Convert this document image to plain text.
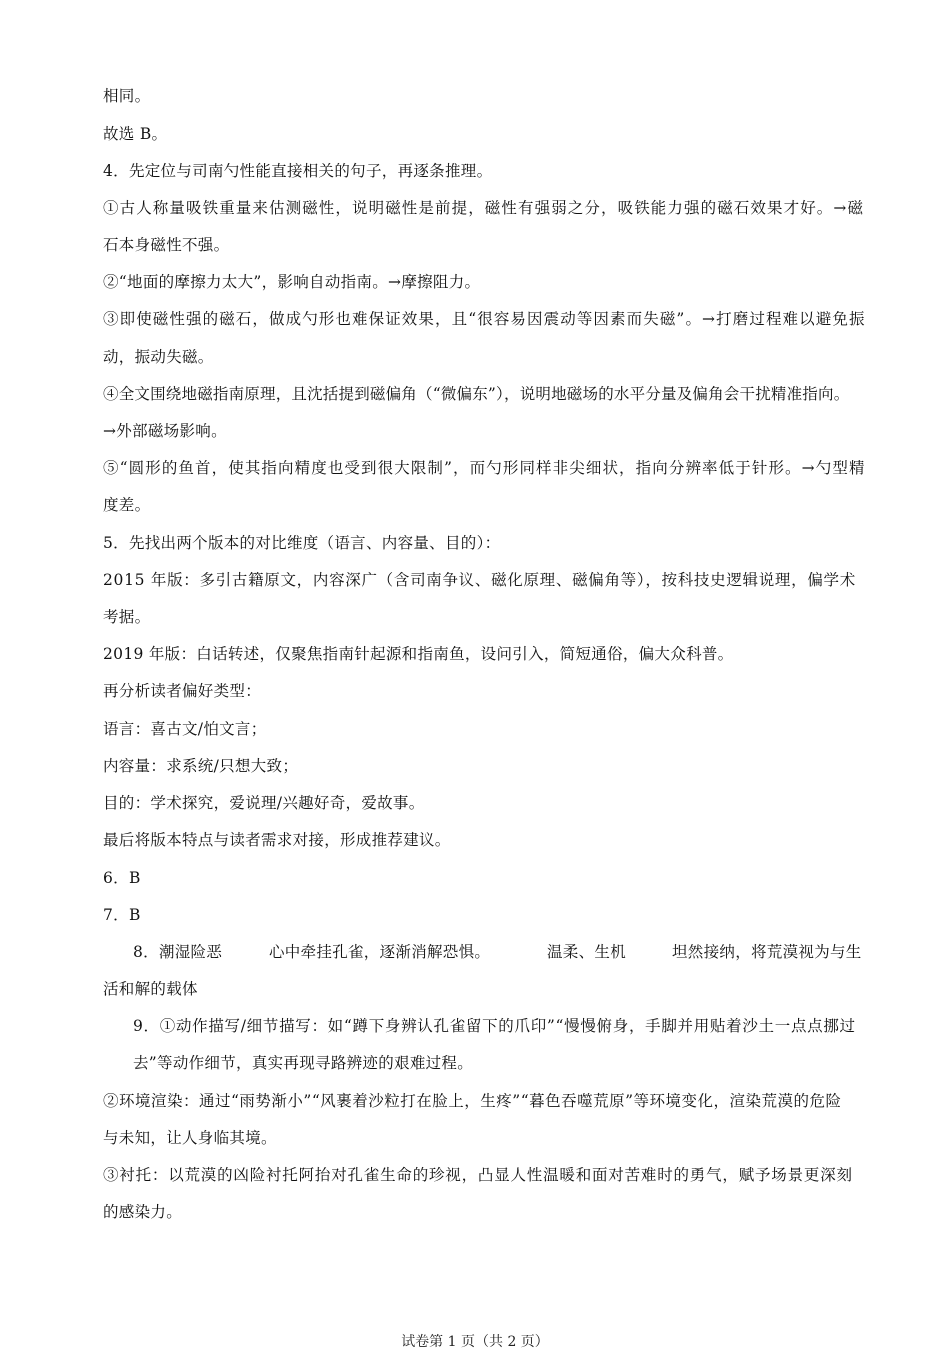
相同。
故选 B。
4．先定位与司南勺性能直接相关的句子，再逐条推理。
①古人称量吸铁重量来估测磁性，说明磁性是前提，磁性有强弱之分，吸铁能力强的磁石效果才好。→磁
石本身磁性不强。
②“地面的摩擦力太大”，影响自动指南。→摩擦阻力。
③即使磁性强的磁石，做成勺形也难保证效果，且“很容易因震动等因素而失磁”。→打磨过程难以避免振
动，振动失磁。
④全文围绕地磁指南原理，且沈括提到磁偏角（“微偏东”），说明地磁场的水平分量及偏角会干扰精准指向。
→外部磁场影响。
⑤“圆形的鱼首，使其指向精度也受到很大限制”，而勺形同样非尖细状，指向分辨率低于针形。→勺型精
度差。
5．先找出两个版本的对比维度（语言、内容量、目的）：
2015 年版：多引古籍原文，内容深广（含司南争议、磁化原理、磁偏角等），按科技史逻辑说理，偏学术
考据。
2019 年版：白话转述，仅聚焦指南针起源和指南鱼，设问引入，简短通俗，偏大众科普。
再分析读者偏好类型：
语言：喜古文/怕文言；
内容量：求系统/只想大致；
目的：学术探究，爱说理/兴趣好奇，爱故事。
最后将版本特点与读者需求对接，形成推荐建议。
6．B
7．B
8．潮湿险恶	心中牵挂孔雀，逐渐消解恐惧。	温柔、生机	坦然接纳，将荒漠视为与生
活和解的载体
9．①动作描写/细节描写：如“蹲下身辨认孔雀留下的爪印”“慢慢俯身，手脚并用贴着沙土一点点挪过
去”等动作细节，真实再现寻路辨迹的艰难过程。
②环境渲染：通过“雨势渐小”“风裹着沙粒打在脸上，生疼”“暮色吞噬荒原”等环境变化，渲染荒漠的危险
与未知，让人身临其境。
③衬托：以荒漠的凶险衬托阿抬对孔雀生命的珍视，凸显人性温暖和面对苦难时的勇气，赋予场景更深刻
的感染力。
试卷第 1 页（共 2 页）
